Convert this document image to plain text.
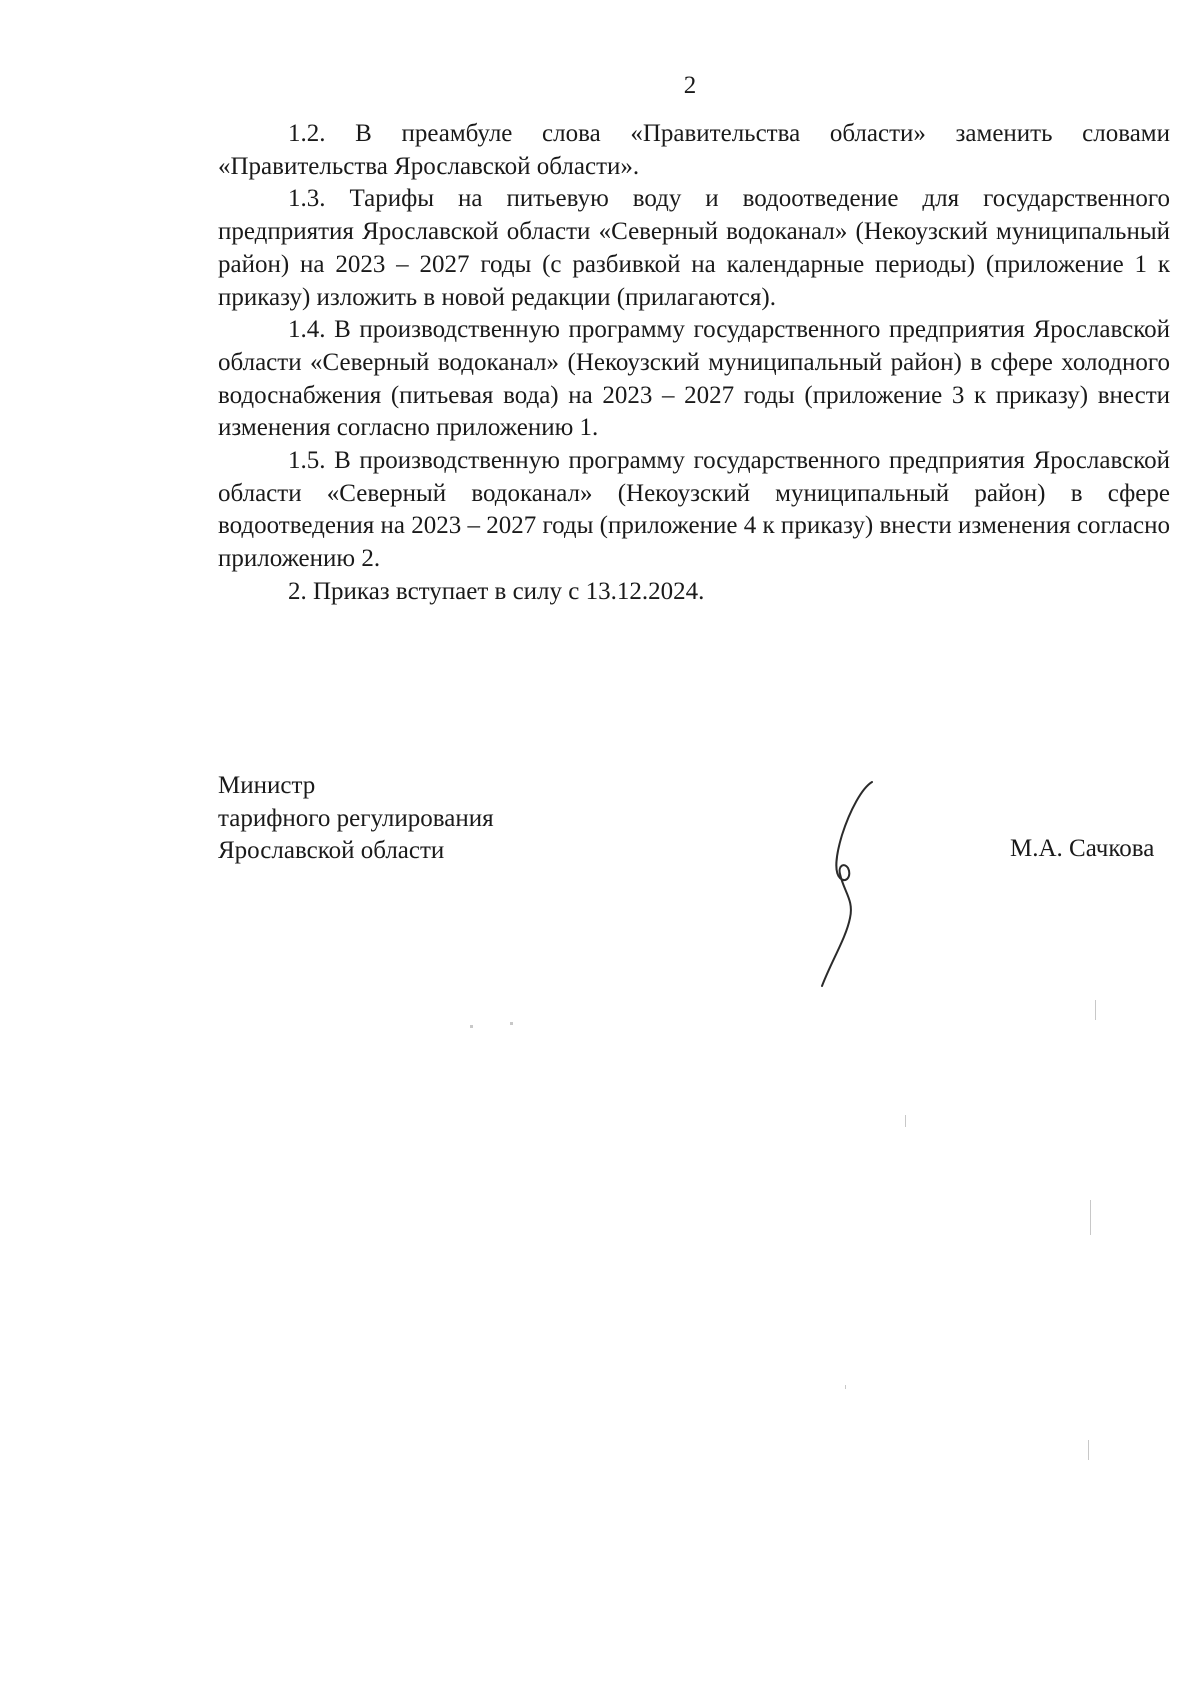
2

1.2. В преамбуле слова «Правительства области» заменить словами «Правительства Ярославской области».

1.3. Тарифы на питьевую воду и водоотведение для государственного предприятия Ярославской области «Северный водоканал» (Некоузский муниципальный район) на 2023 – 2027 годы (с разбивкой на календарные периоды) (приложение 1 к приказу) изложить в новой редакции (прилагаются).

1.4. В производственную программу государственного предприятия Ярославской области «Северный водоканал» (Некоузский муниципальный район) в сфере холодного водоснабжения (питьевая вода) на 2023 – 2027 годы (приложение 3 к приказу) внести изменения согласно приложению 1.

1.5. В производственную программу государственного предприятия Ярославской области «Северный водоканал» (Некоузский муниципальный район) в сфере водоотведения на 2023 – 2027 годы (приложение 4 к приказу) внести изменения согласно приложению 2.

2. Приказ вступает в силу с 13.12.2024.

Министр
тарифного регулирования
Ярославской области	М.А. Сачкова
